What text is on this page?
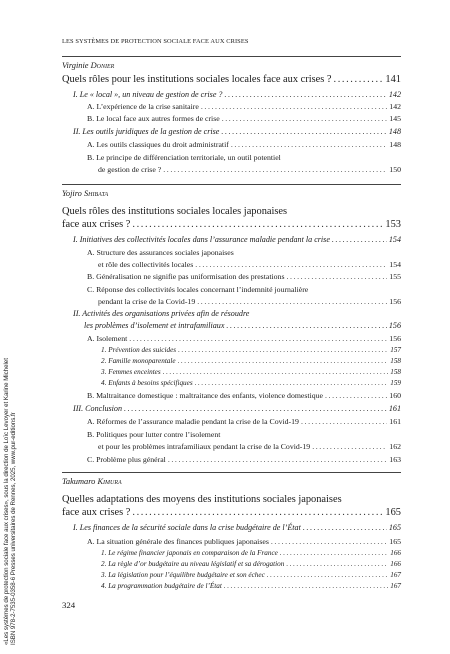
LES SYSTÈMES DE PROTECTION SOCIALE FACE AUX CRISES
Virginie Donier
Quels rôles pour les institutions sociales locales face aux crises ? .....	141
I. Le « local », un niveau de gestion de crise ? .....	142
A. L’expérience de la crise sanitaire .....	142
B. Le local face aux autres formes de crise .....	145
II. Les outils juridiques de la gestion de crise .....	148
A. Les outils classiques du droit administratif .....	148
B. Le principe de différenciation territoriale, un outil potentiel
de gestion de crise ? .....	150
Yojiro Shibata
Quels rôles des institutions sociales locales japonaises
face aux crises ? .....	153
I. Initiatives des collectivités locales dans l’assurance maladie pendant la crise .....	154
A. Structure des assurances sociales japonaises
et rôle des collectivités locales .....	154
B. Généralisation ne signifie pas uniformisation des prestations .....	155
C. Réponse des collectivités locales concernant l’indemnité journalière
pendant la crise de la Covid-19 .....	156
II. Activités des organisations privées afin de résoudre
les problèmes d’isolement et intrafamiliaux .....	156
A. Isolement .....	156
1. Prévention des suicides .....	157
2. Famille monoparentale .....	158
3. Femmes enceintes .....	158
4. Enfants à besoins spécifiques .....	159
B. Maltraitance domestique : maltraitance des enfants, violence domestique .....	160
III. Conclusion .....	161
A. Réformes de l’assurance maladie pendant la crise de la Covid-19 .....	161
B. Politiques pour lutter contre l’isolement
et pour les problèmes intrafamiliaux pendant la crise de la Covid-19 .....	162
C. Problème plus général .....	163
Takumaro Kimura
Quelles adaptations des moyens des institutions sociales japonaises
face aux crises ? .....	165
I. Les finances de la sécurité sociale dans la crise budgétaire de l’État .....	165
A. La situation générale des finances publiques japonaises .....	165
1. Le régime financier japonais en comparaison de la France .....	166
2. La règle d’or budgétaire au niveau législatif et sa dérogation .....	166
3. La législation pour l’équilibre budgétaire et son échec .....	167
4. La programmation budgétaire de l’État .....	167
324
«Les systèmes de protection sociale face aux crises», sous la direction de Loïc Levoyer et Karine Michelet ISBN 978-2-7535-0358-6 Presses universitaires de Rennes, 2025, www.pur-editions.fr
